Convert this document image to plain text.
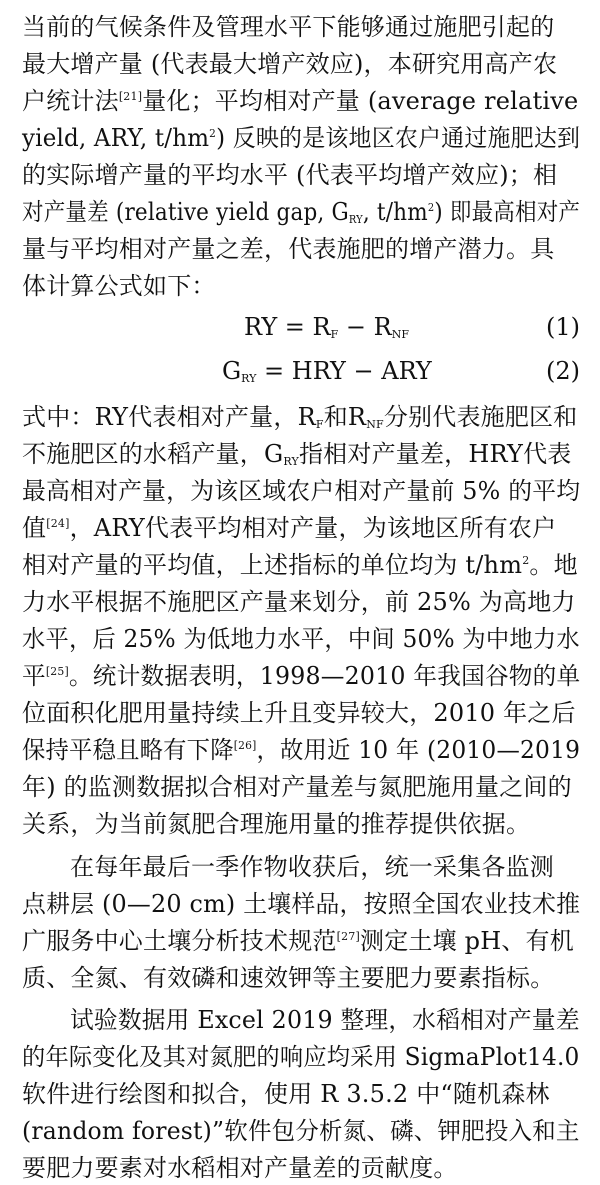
当前的气候条件及管理水平下能够通过施肥引起的
最大增产量 (代表最大增产效应)，本研究用高产农
户统计法[21]量化；平均相对产量 (average relative
yield, ARY, $t/hm^2$) 反映的是该地区农户通过施肥达到
的实际增产量的平均水平 (代表平均增产效应)；相
对产量差 (relative yield gap, $G_{RY}$, $t/hm^2$) 即最高相对产
量与平均相对产量之差，代表施肥的增产潜力。具
体计算公式如下：
RY = $R_F - R_{NF}$	(1)
$G_{RY}$ = HRY − ARY	(2)
式中：RY代表相对产量，$R_F$和$R_{NF}$分别代表施肥区和
不施肥区的水稻产量，$G_{RY}$指相对产量差，HRY代表
最高相对产量，为该区域农户相对产量前 5% 的平均
值[24]，ARY代表平均相对产量，为该地区所有农户
相对产量的平均值，上述指标的单位均为 $t/hm^2$。地
力水平根据不施肥区产量来划分，前 25% 为高地力
水平，后 25% 为低地力水平，中间 50% 为中地力水
平[25]。统计数据表明，1998—2010 年我国谷物的单
位面积化肥用量持续上升且变异较大，2010 年之后
保持平稳且略有下降[26]，故用近 10 年 (2010—2019
年) 的监测数据拟合相对产量差与氮肥施用量之间的
关系，为当前氮肥合理施用量的推荐提供依据。
在每年最后一季作物收获后，统一采集各监测
点耕层 (0—20 cm) 土壤样品，按照全国农业技术推
广服务中心土壤分析技术规范[27]测定土壤 pH、有机
质、全氮、有效磷和速效钾等主要肥力要素指标。
试验数据用 Excel 2019 整理，水稻相对产量差
的年际变化及其对氮肥的响应均采用 SigmaPlot14.0
软件进行绘图和拟合，使用 R 3.5.2 中“随机森林
(random forest)”软件包分析氮、磷、钾肥投入和主
要肥力要素对水稻相对产量差的贡献度。
